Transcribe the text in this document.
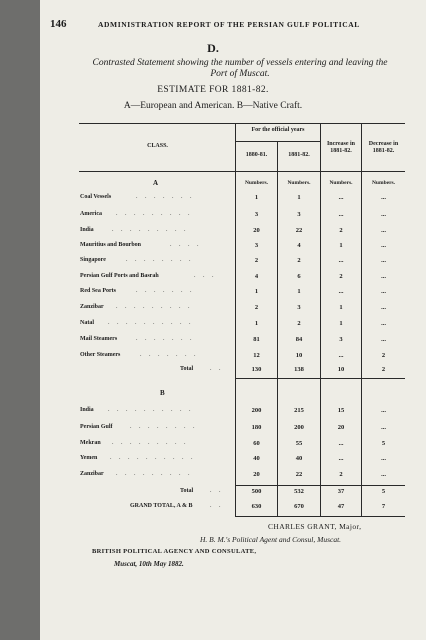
146	ADMINISTRATION REPORT OF THE PERSIAN GULF POLITICAL
D.
Contrasted Statement showing the number of vessels entering and leaving the Port of Muscat.
ESTIMATE FOR 1881-82.
A—European and American. B—Native Craft.
CLASS.
For the official years
1880-81.	1881-82.
Increase in 1881-82.
Decrease in 1881-82.
A	Numbers.	Numbers.	Numbers.	Numbers.
Coal Vessels	1	1	...	...
America	3	3	...	...
India	20	22	2	...
Mauritius and Bourbon	3	4	1	...
Singapore	2	2	...	...
Persian Gulf Ports and Basrah	4	6	2	...
Red Sea Ports	1	1	...	...
Zanzibar	2	3	1	...
Natal	1	2	1	...
Mail Steamers	81	84	3	...
Other Steamers	12	10	...	2
Total	130	138	10	2
B
India	200	215	15	...
Persian Gulf	180	200	20	...
Mekran	60	55	...	5
Yemen	40	40	...	...
Zanzibar	20	22	2	...
Total	500	532	37	5
GRAND TOTAL, A & B	630	670	47	7
. . . . . . .
. . . . . . . . .
. . . . . . . . .
. . . .
. . . . . . . .
. . .
. . . . . . .
. . . . . . . . .
. . . . . . . . . .
. . . . . . .
. . . . . . .
. .
. . . . . . . . . .
. . . . . . . .
. . . . . . . . .
. . . . . . . . . .
. . . . . . . . .
. .
. .
CHARLES GRANT, Major,
H. B. M.'s Political Agent and Consul, Muscat.
BRITISH POLITICAL AGENCY AND CONSULATE,
Muscat, 10th May 1882.
